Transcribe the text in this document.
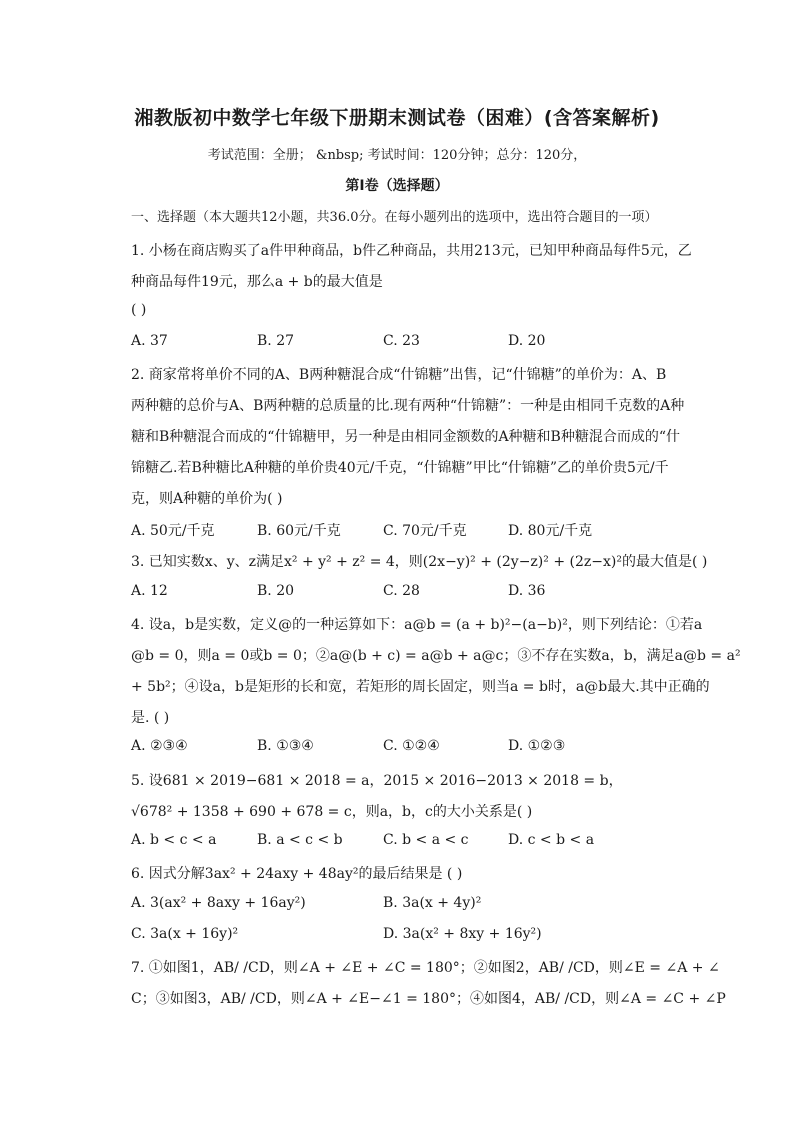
湘教版初中数学七年级下册期末测试卷（困难）(含答案解析)
考试范围：全册； &nbsp; 考试时间：120分钟；总分：120分，
第Ⅰ卷（选择题）
一、选择题（本大题共12小题，共36.0分。在每小题列出的选项中，选出符合题目的一项）
1. 小杨在商店购买了a件甲种商品，b件乙种商品，共用213元，已知甲种商品每件5元，乙
种商品每件19元，那么a + b的最大值是
( )
A. 37	B. 27	C. 23	D. 20
2. 商家常将单价不同的A、B两种糖混合成“什锦糖”出售，记“什锦糖”的单价为：A、B
两种糖的总价与A、B两种糖的总质量的比.现有两种“什锦糖”：一种是由相同千克数的A种
糖和B种糖混合而成的“什锦糖甲，另一种是由相同金额数的A种糖和B种糖混合而成的“什
锦糖乙.若B种糖比A种糖的单价贵40元/千克，“什锦糖”甲比“什锦糖”乙的单价贵5元/千
克，则A种糖的单价为( )
A. 50元/千克	B. 60元/千克	C. 70元/千克	D. 80元/千克
3. 已知实数x、y、z满足x² + y² + z² = 4，则(2x−y)² + (2y−z)² + (2z−x)²的最大值是( )
A. 12	B. 20	C. 28	D. 36
4. 设a，b是实数，定义@的一种运算如下：a@b = (a + b)²−(a−b)²，则下列结论：①若a
@b = 0，则a = 0或b = 0；②a@(b + c) = a@b + a@c；③不存在实数a，b，满足a@b = a²
+ 5b²；④设a，b是矩形的长和宽，若矩形的周长固定，则当a = b时，a@b最大.其中正确的
是. ( )
A. ②③④	B. ①③④	C. ①②④	D. ①②③
5. 设681 × 2019−681 × 2018 = a，2015 × 2016−2013 × 2018 = b，
√678² + 1358 + 690 + 678 = c，则a，b，c的大小关系是( )
A. b < c < a	B. a < c < b	C. b < a < c	D. c < b < a
6. 因式分解3ax² + 24axy + 48ay²的最后结果是 ( )
A. 3(ax² + 8axy + 16ay²)	B. 3a(x + 4y)²
C. 3a(x + 16y)²	D. 3a(x² + 8xy + 16y²)
7. ①如图1，AB/ /CD，则∠A + ∠E + ∠C = 180°；②如图2，AB/ /CD，则∠E = ∠A + ∠
C；③如图3，AB/ /CD，则∠A + ∠E−∠1 = 180°；④如图4，AB/ /CD，则∠A = ∠C + ∠P
